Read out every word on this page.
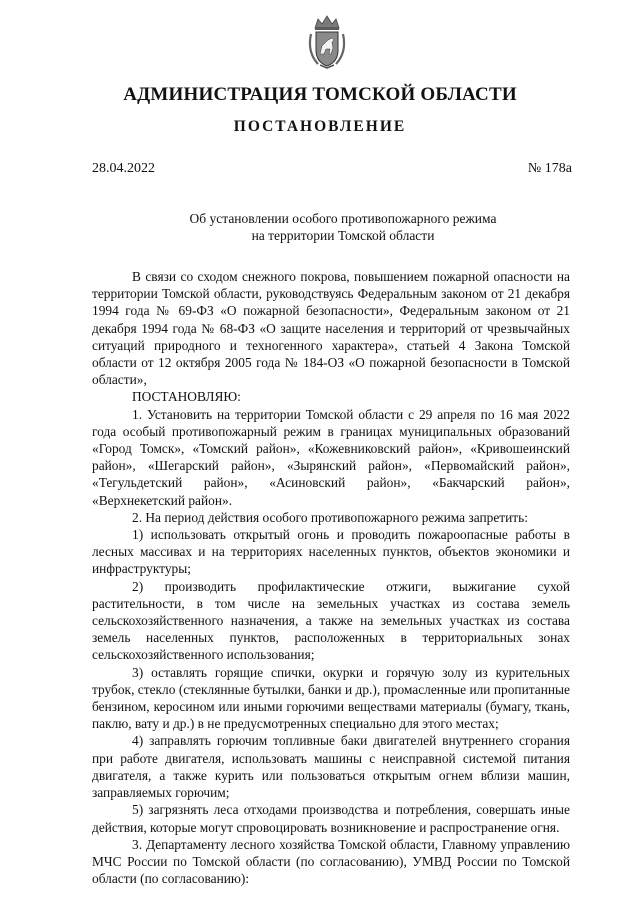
АДМИНИСТРАЦИЯ ТОМСКОЙ ОБЛАСТИ
ПОСТАНОВЛЕНИЕ
28.04.2022	№ 178а
Об установлении особого противопожарного режима
на территории Томской области

В связи со сходом снежного покрова, повышением пожарной опасности на территории Томской области, руководствуясь Федеральным законом от 21 декабря 1994 года № 69-ФЗ «О пожарной безопасности», Федеральным законом от 21 декабря 1994 года № 68-ФЗ «О защите населения и территорий от чрезвычайных ситуаций природного и техногенного характера», статьей 4 Закона Томской области от 12 октября 2005 года № 184-ОЗ «О пожарной безопасности в Томской области»,

ПОСТАНОВЛЯЮ:

1. Установить на территории Томской области с 29 апреля по 16 мая 2022 года особый противопожарный режим в границах муниципальных образований «Город Томск», «Томский район», «Кожевниковский район», «Кривошеинский район», «Шегарский район», «Зырянский район», «Первомайский район», «Тегульдетский район», «Асиновский район», «Бакчарский район», «Верхнекетский район».

2. На период действия особого противопожарного режима запретить:

1) использовать открытый огонь и проводить пожароопасные работы в лесных массивах и на территориях населенных пунктов, объектов экономики и инфраструктуры;

2) производить профилактические отжиги, выжигание сухой растительности, в том числе на земельных участках из состава земель сельскохозяйственного назначения, а также на земельных участках из состава земель населенных пунктов, расположенных в территориальных зонах сельскохозяйственного использования;

3) оставлять горящие спички, окурки и горячую золу из курительных трубок, стекло (стеклянные бутылки, банки и др.), промасленные или пропитанные бензином, керосином или иными горючими веществами материалы (бумагу, ткань, паклю, вату и др.) в не предусмотренных специально для этого местах;

4) заправлять горючим топливные баки двигателей внутреннего сгорания при работе двигателя, использовать машины с неисправной системой питания двигателя, а также курить или пользоваться открытым огнем вблизи машин, заправляемых горючим;

5) загрязнять леса отходами производства и потребления, совершать иные действия, которые могут спровоцировать возникновение и распространение огня.

3. Департаменту лесного хозяйства Томской области, Главному управлению МЧС России по Томской области (по согласованию), УМВД России по Томской области (по согласованию):
